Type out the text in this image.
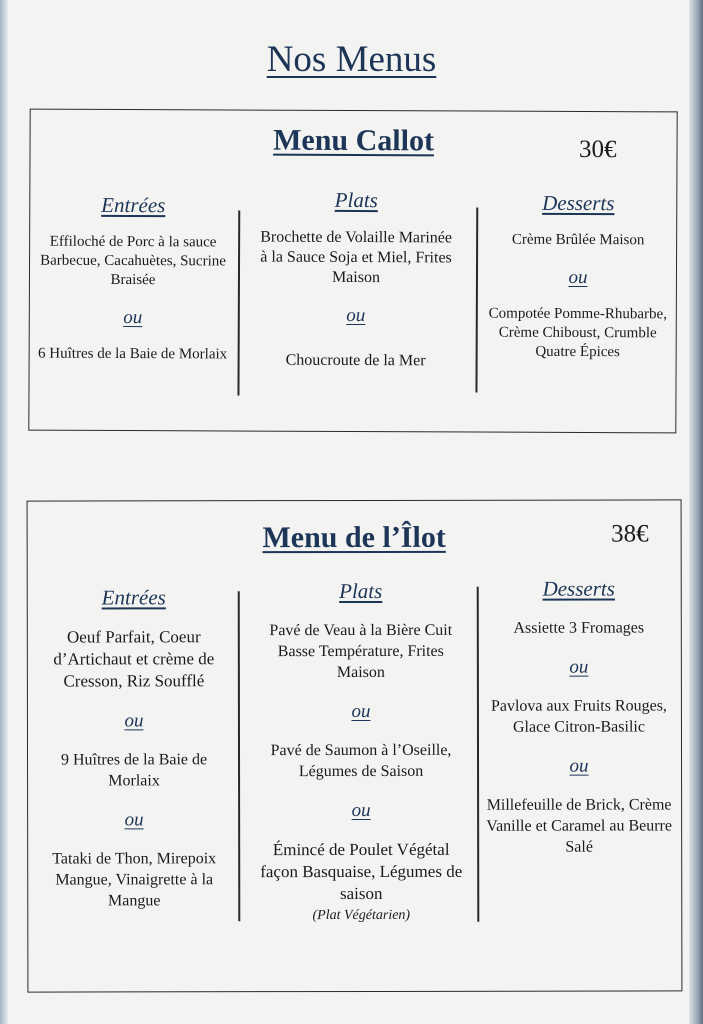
Nos Menus
Menu Callot	30€
Entrées
Effiloché de Porc à la sauce Barbecue, Cacahuètes, Sucrine Braisée
ou
6 Huîtres de la Baie de Morlaix
Plats
Brochette de Volaille Marinée à la Sauce Soja et Miel, Frites Maison
ou
Choucroute de la Mer
Desserts
Crème Brûlée Maison
ou
Compotée Pomme-Rhubarbe, Crème Chiboust, Crumble Quatre Épices
Menu de l’Îlot	38€
Entrées
Oeuf Parfait, Coeur d’Artichaut et crème de Cresson, Riz Soufflé
ou
9 Huîtres de la Baie de Morlaix
ou
Tataki de Thon, Mirepoix Mangue, Vinaigrette à la Mangue
Plats
Pavé de Veau à la Bière Cuit Basse Température, Frites Maison
ou
Pavé de Saumon à l’Oseille, Légumes de Saison
ou
Émincé de Poulet Végétal façon Basquaise, Légumes de saison
(Plat Végétarien)
Desserts
Assiette 3 Fromages
ou
Pavlova aux Fruits Rouges, Glace Citron-Basilic
ou
Millefeuille de Brick, Crème Vanille et Caramel au Beurre Salé
